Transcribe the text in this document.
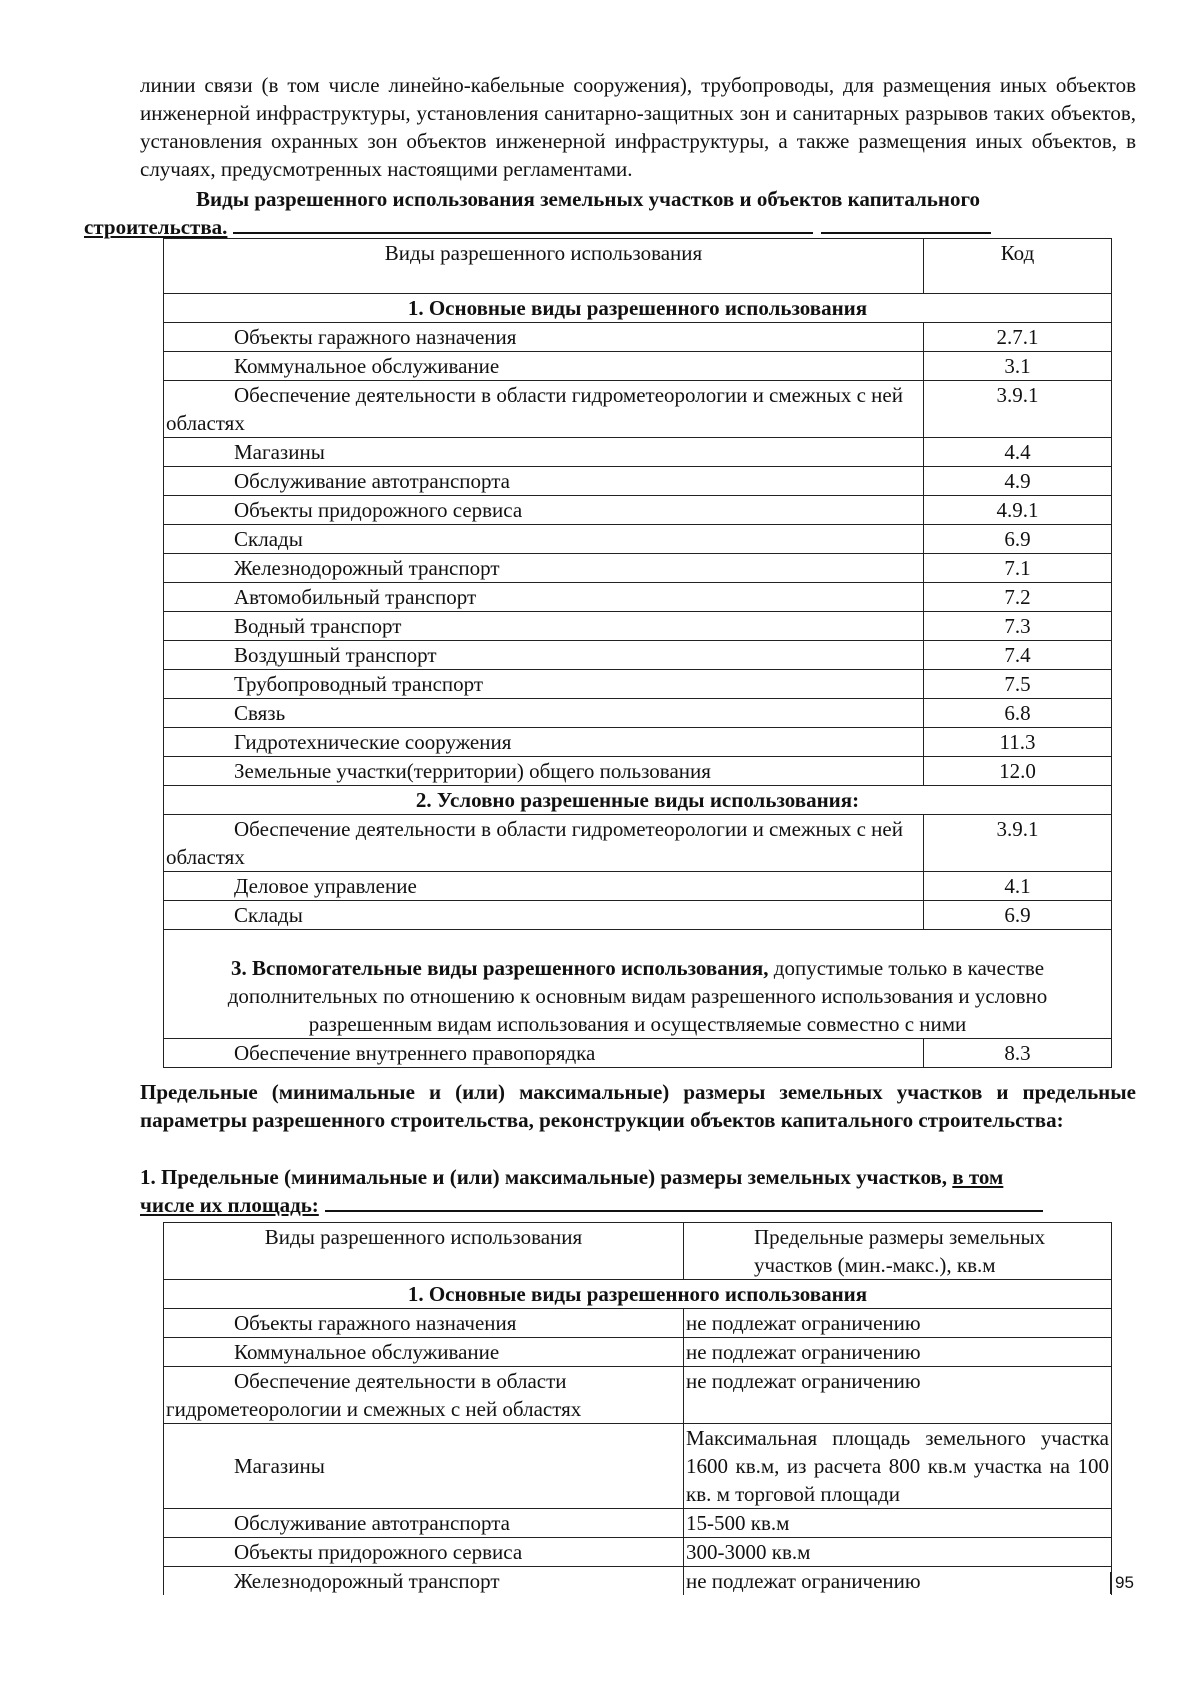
линии связи (в том числе линейно-кабельные сооружения), трубопроводы, для размещения иных объектов инженерной инфраструктуры, установления санитарно-защитных зон и санитарных разрывов таких объектов, установления охранных зон объектов инженерной инфраструктуры, а также размещения иных объектов, в случаях, предусмотренных настоящими регламентами.

Виды разрешенного использования земельных участков и объектов капитального
строительства.

Виды разрешенного использования	Код
1. Основные виды разрешенного использования	
Объекты гаражного назначения	2.7.1
Коммунальное обслуживание	3.1
Обеспечение деятельности в области гидрометеорологии и смежных с ней областях	3.9.1
Магазины	4.4
Обслуживание автотранспорта	4.9
Объекты придорожного сервиса	4.9.1
Склады	6.9
Железнодорожный транспорт	7.1
Автомобильный транспорт	7.2
Водный транспорт	7.3
Воздушный транспорт	7.4
Трубопроводный транспорт	7.5
Связь	6.8
Гидротехнические сооружения	11.3
Земельные участки(территории) общего пользования	12.0
2. Условно разрешенные виды использования:	
Обеспечение деятельности в области гидрометеорологии и смежных с ней областях	3.9.1
Деловое управление	4.1
Склады	6.9
3. Вспомогательные виды разрешенного использования, допустимые только в качестве дополнительных по отношению к основным видам разрешенного использования и условно разрешенным видам использования и осуществляемые совместно с ними	
Обеспечение внутреннего правопорядка	8.3

Предельные (минимальные и (или) максимальные) размеры земельных участков и предельные параметры разрешенного строительства, реконструкции объектов капитального строительства:

1. Предельные (минимальные и (или) максимальные) размеры земельных участков, в том
числе их площадь:

Виды разрешенного использования	Предельные размеры земельных участков (мин.-макс.), кв.м
1. Основные виды разрешенного использования	
Объекты гаражного назначения	не подлежат ограничению
Коммунальное обслуживание	не подлежат ограничению
Обеспечение деятельности в области гидрометеорологии и смежных с ней областях	не подлежат ограничению
Магазины	Максимальная площадь земельного участка 1600 кв.м, из расчета 800 кв.м участка на 100 кв. м торговой площади
Обслуживание автотранспорта	15-500 кв.м
Объекты придорожного сервиса	300-3000 кв.м
Железнодорожный транспорт	не подлежат ограничению	95
